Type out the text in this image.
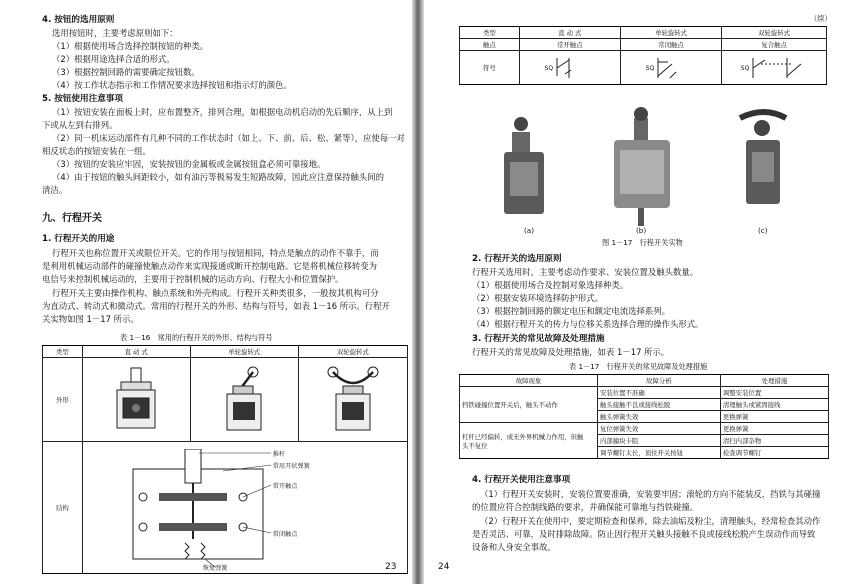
4. 按钮的选用原则
选用按钮时，主要考虑原则如下：
（1）根据使用场合选择控制按钮的种类。
（2）根据用途选择合适的形式。
（3）根据控制回路的需要确定按钮数。
（4）按工作状态指示和工作情况要求选择按钮和指示灯的颜色。
5. 按钮使用注意事项
（1）按钮安装在面板上时，应布置整齐，排列合理，如根据电动机启动的先后顺序，从上到
下或从左到右排列。
（2）同一机床运动部件有几种不同的工作状态时（如上、下、前、后、松、紧等），应使每一对
相反状态的按钮安装在一组。
（3）按钮的安装应牢固，安装按钮的金属板或金属按钮盒必须可靠接地。
（4）由于按钮的触头间距较小，如有油污等极易发生短路故障，因此应注意保持触头间的
清洁。
九、行程开关
1. 行程开关的用途
行程开关也称位置开关或限位开关。它的作用与按钮相同，特点是触点的动作不靠手，而
是利用机械运动部件的碰撞使触点动作来实现接通或断开控制电路。它是将机械位移转变为
电信号来控制机械运动的，主要用于控制机械的运动方向、行程大小和位置保护。
行程开关主要由操作机构、触点系统和外壳构成。行程开关种类很多，一般按其机构可分
为直动式、转动式和微动式。常用的行程开关的外形、结构与符号，如表 1－16 所示。行程开
关实物如图 1－17 所示。
表 1－16　常用的行程开关的外形、结构与符号
类型	直 动 式	单轮旋转式	双轮旋转式
外形			
结构	推杆
常用开状弹簧
常开触点
常闭触点
恢复弹簧			23
（续）
类型	直 动 式	单轮旋转式	双轮旋转式
触点	常开触点	常闭触点	复合触点
符号	SQ	SQ	SQ
(a)	(b)	(c)
图 1－17　行程开关实物
2. 行程开关的选用原则
行程开关选用时，主要考虑动作要求、安装位置及触头数量。
（1）根据使用场合及控制对象选择种类。
（2）根据安装环境选择防护形式。
（3）根据控制回路的额定电压和额定电流选择系列。
（4）根据行程开关的传力与位移关系选择合理的操作头形式。
3. 行程开关的常见故障及处理措施
行程开关的常见故障及处理措施，如表 1－17 所示。
表 1－17　行程开关的常见故障及处理措施
故障现象	故障分析	处理措施
挡铁碰撞位置开关后，触头不动作	安装位置不准确	调整安装位置
	触头接触不良或接线松脱	清理触头或紧固接线
	触头弹簧失效	更换弹簧

杠杆已经偏转，或无外界机械力作用，但触
头不复位	复位弹簧失效	更换弹簧
	内部撞块卡阻	清扫内部杂物
	调节螺钉太长，顶住开关按钮	检查调节螺钉
4. 行程开关使用注意事项
（1）行程开关安装时，安装位置要准确，安装要牢固；滚轮的方向不能装反，挡铁与其碰撞
的位置应符合控制线路的要求，并确保能可靠地与挡铁碰撞。
（2）行程开关在使用中，要定期检查和保养，除去油垢及粉尘，清理触头，经常检查其动作
是否灵活、可靠，及时排除故障。防止因行程开关触头接触不良或接线松脱产生误动作而导致
设备和人身安全事故。
24
